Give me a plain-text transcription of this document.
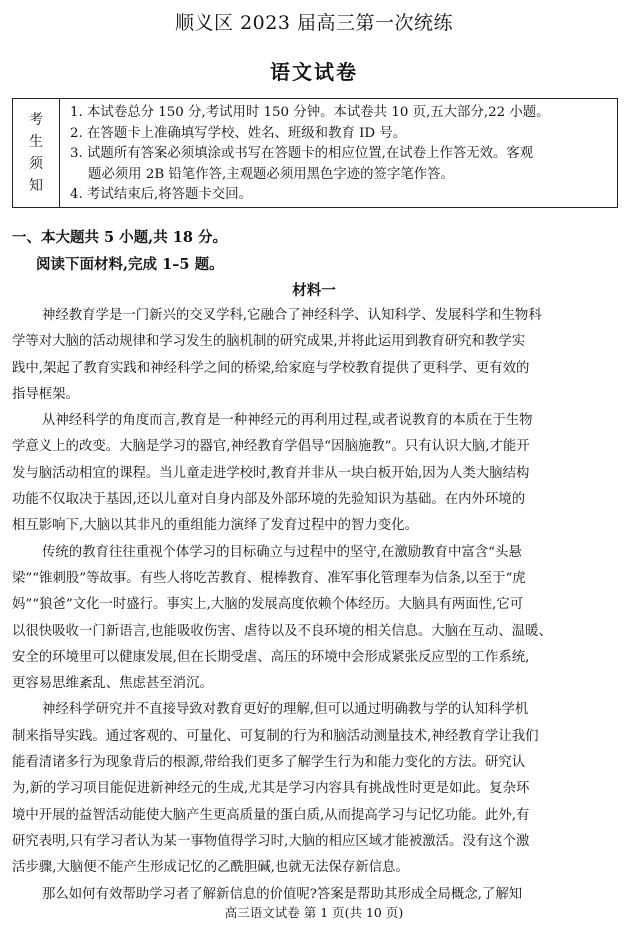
顺义区 2023 届高三第一次统练
语文试卷
考
生
须
知
1. 本试卷总分 150 分,考试用时 150 分钟。本试卷共 10 页,五大部分,22 小题。
2. 在答题卡上准确填写学校、姓名、班级和教育 ID 号。
3. 试题所有答案必须填涂或书写在答题卡的相应位置,在试卷上作答无效。客观
题必须用 2B 铅笔作答,主观题必须用黑色字迹的签字笔作答。
4. 考试结束后,将答题卡交回。
一、本大题共 5 小题,共 18 分。
阅读下面材料,完成 1–5 题。
材料一
神经教育学是一门新兴的交叉学科,它融合了神经科学、认知科学、发展科学和生物科
学等对大脑的活动规律和学习发生的脑机制的研究成果,并将此运用到教育研究和教学实
践中,架起了教育实践和神经科学之间的桥梁,给家庭与学校教育提供了更科学、更有效的
指导框架。
从神经科学的角度而言,教育是一种神经元的再利用过程,或者说教育的本质在于生物
学意义上的改变。大脑是学习的器官,神经教育学倡导“因脑施教”。只有认识大脑,才能开
发与脑活动相宜的课程。当儿童走进学校时,教育并非从一块白板开始,因为人类大脑结构
功能不仅取决于基因,还以儿童对自身内部及外部环境的先验知识为基础。在内外环境的
相互影响下,大脑以其非凡的重组能力演绎了发育过程中的智力变化。
传统的教育往往重视个体学习的目标确立与过程中的坚守,在激励教育中富含“头悬
梁”“锥刺股”等故事。有些人将吃苦教育、棍棒教育、准军事化管理奉为信条,以至于“虎
妈”“狼爸”文化一时盛行。事实上,大脑的发展高度依赖个体经历。大脑具有两面性,它可
以很快吸收一门新语言,也能吸收伤害、虐待以及不良环境的相关信息。大脑在互动、温暖、
安全的环境里可以健康发展,但在长期受虐、高压的环境中会形成紧张反应型的工作系统,
更容易思维紊乱、焦虑甚至消沉。
神经科学研究并不直接导致对教育更好的理解,但可以通过明确教与学的认知科学机
制来指导实践。通过客观的、可量化、可复制的行为和脑活动测量技术,神经教育学让我们
能看清诸多行为现象背后的根源,带给我们更多了解学生行为和能力变化的方法。研究认
为,新的学习项目能促进新神经元的生成,尤其是学习内容具有挑战性时更是如此。复杂环
境中开展的益智活动能使大脑产生更高质量的蛋白质,从而提高学习与记忆功能。此外,有
研究表明,只有学习者认为某一事物值得学习时,大脑的相应区域才能被激活。没有这个激
活步骤,大脑便不能产生形成记忆的乙酰胆碱,也就无法保存新信息。
那么如何有效帮助学习者了解新信息的价值呢?答案是帮助其形成全局概念,了解知
高三语文试卷 第 1 页(共 10 页)
